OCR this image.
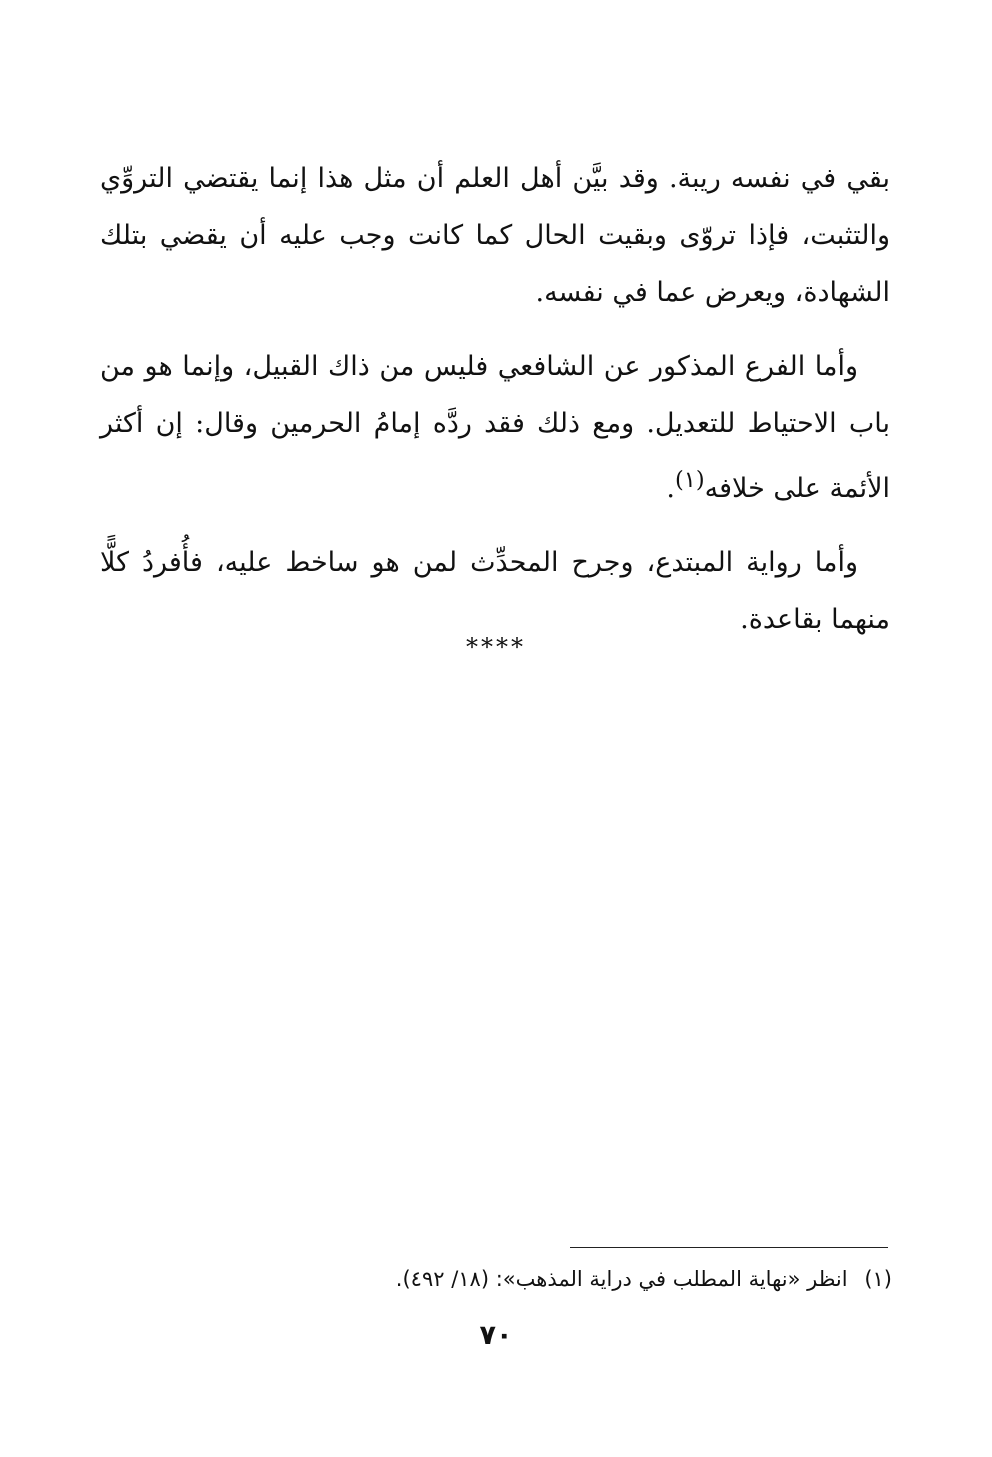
بقي في نفسه ريبة. وقد بيَّن أهل العلم أن مثل هذا إنما يقتضي التروِّي والتثبت، فإذا تروّى وبقيت الحال كما كانت وجب عليه أن يقضي بتلك الشهادة، ويعرض عما في نفسه.

وأما الفرع المذكور عن الشافعي فليس من ذاك القبيل، وإنما هو من باب الاحتياط للتعديل. ومع ذلك فقد ردَّه إمامُ الحرمين وقال: إن أكثر الأئمة على خلافه$^{(١)}$.

وأما رواية المبتدع، وجرح المحدِّث لمن هو ساخط عليه، فأُفردُ كلًّا منهما بقاعدة.

****
(١) انظر «نهاية المطلب في دراية المذهب»: (١٨/ ٤٩٢).
٧٠
